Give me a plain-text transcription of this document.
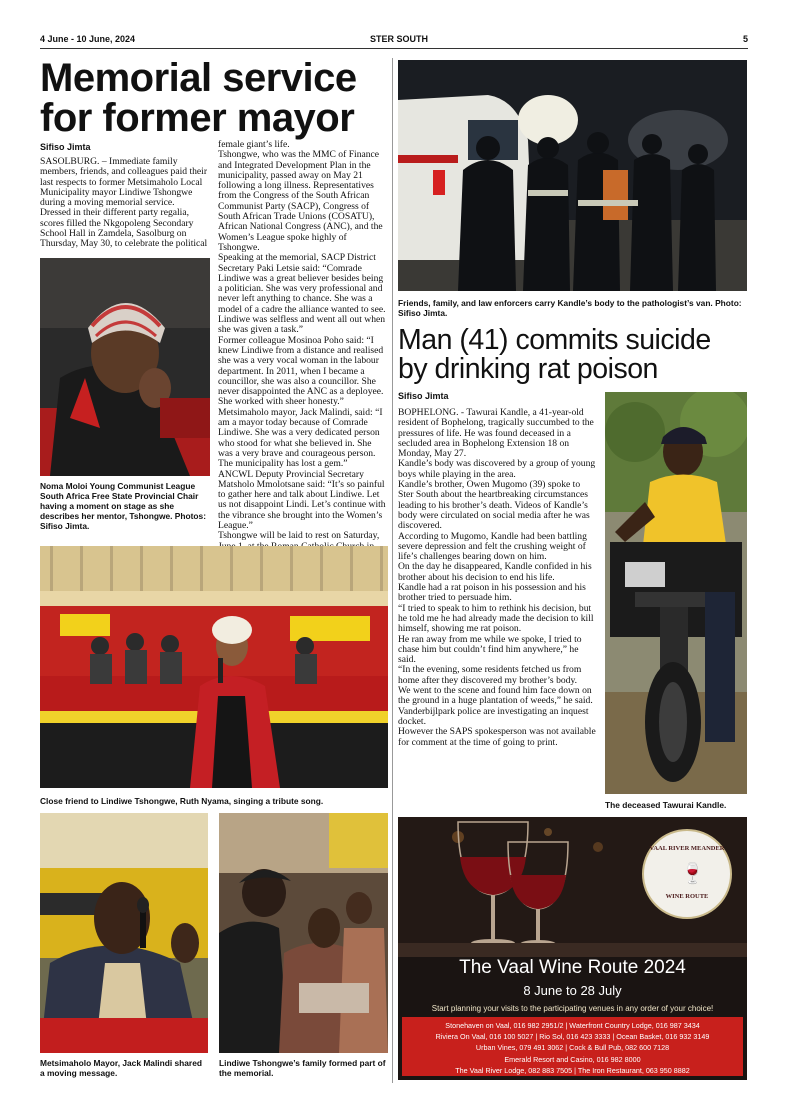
4 June - 10 June, 2024	STER SOUTH	5
Memorial service
for former mayor
Sifiso Jimta

SASOLBURG. – Immediate family members, friends, and colleagues paid their last respects to former Metsimaholo Local Municipality mayor Lindiwe Tshongwe during a moving memorial service.

Dressed in their different party regalia, scores filled the Nkgopoleng Secondary School Hall in Zamdela, Sasolburg on Thursday, May 30, to celebrate the political

female giant’s life.

Tshongwe, who was the MMC of Finance and Integrated Development Plan in the municipality, passed away on May 21 following a long illness. Representatives from the Congress of the South African Communist Party (SACP), Congress of South African Trade Unions (COSATU), African National Congress (ANC), and the Women’s League spoke highly of Tshongwe.

Speaking at the memorial, SACP District Secretary Paki Letsie said: “Comrade Lindiwe was a great believer besides being a politician. She was very professional and never left anything to chance. She was a model of a cadre the alliance wanted to see. Lindiwe was selfless and went all out when she was given a task.”

Former colleague Mosinoa Poho said: “I knew Lindiwe from a distance and realised she was a very vocal woman in the labour department. In 2011, when I became a councillor, she was also a councillor. She never disappointed the ANC as a deployee. She worked with sheer honesty.”

Metsimaholo mayor, Jack Malindi, said: “I am a mayor today because of Comrade Lindiwe. She was a very dedicated person who stood for what she believed in. She was a very brave and courageous person. The municipality has lost a gem.”

ANCWL Deputy Provincial Secretary Matsholo Mmolotsane said: “It’s so painful to gather here and talk about Lindiwe. Let us not disappoint Lindi. Let’s continue with the vibrance she brought into the Women’s League.”

Tshongwe will be laid to rest on Saturday,

Noma Moloi Young Communist League South Africa Free State Provincial Chair having a moment on stage as she describes her mentor, Tshongwe. Photos: Sifiso Jimta.
Close friend to Lindiwe Tshongwe, Ruth Nyama, singing a tribute song.
Metsimaholo Mayor, Jack Malindi shared a moving message.
Lindiwe Tshongwe’s family formed part of the memorial.
Friends, family, and law enforcers carry Kandle’s body to the pathologist’s van. Photo: Sifiso Jimta.
Man (41) commits suicide
by drinking rat poison
Sifiso Jimta

BOPHELONG. - Tawurai Kandle, a 41-year-old resident of Bophelong, tragically succumbed to the pressures of life. He was found deceased in a secluded area in Bophelong Extension 18 on Monday, May 27.

Kandle’s body was discovered by a group of young boys while playing in the area.

Kandle’s brother, Owen Mugomo (39) spoke to Ster South about the heartbreaking circumstances leading to his brother’s death. Videos of Kandle’s body were circulated on social media after he was discovered.

According to Mugomo, Kandle had been battling severe depression and felt the crushing weight of life’s challenges bearing down on him.

On the day he disappeared, Kandle confided in his brother about his decision to end his life.

Kandle had a rat poison in his possession and his brother tried to persuade him.

“I tried to speak to him to rethink his decision, but he told me he had already made the decision to kill himself, showing me rat poison.

He ran away from me while we spoke, I tried to chase him but couldn’t find him anywhere,” he said.

“In the evening, some residents fetched us from home after they discovered my brother’s body.

We went to the scene and found him face down on the ground in a huge plantation of weeds,” he said.

Vanderbijlpark police are investigating an inquest docket.

However the SAPS spokesperson was not available for comment at the time of going to print.

The deceased Tawurai Kandle.
VAAL RIVER MEANDER
🍷
WINE ROUTE
The Vaal Wine Route 2024
8 June to 28 July
Start planning your visits to the participating venues in any order of your choice!
Stonehaven on Vaal, 016 982 2951/2 | Waterfront Country Lodge, 016 987 3434
Riviera On Vaal, 016 100 5027 | Rio Sol, 016 423 3333 | Ocean Basket, 016 932 3149
Urban Vines, 079 491 3062 | Cock & Bull Pub, 082 600 7128
Emerald Resort and Casino, 016 982 8000
The Vaal River Lodge, 082 883 7505 | The Iron Restaurant, 063 950 8882
